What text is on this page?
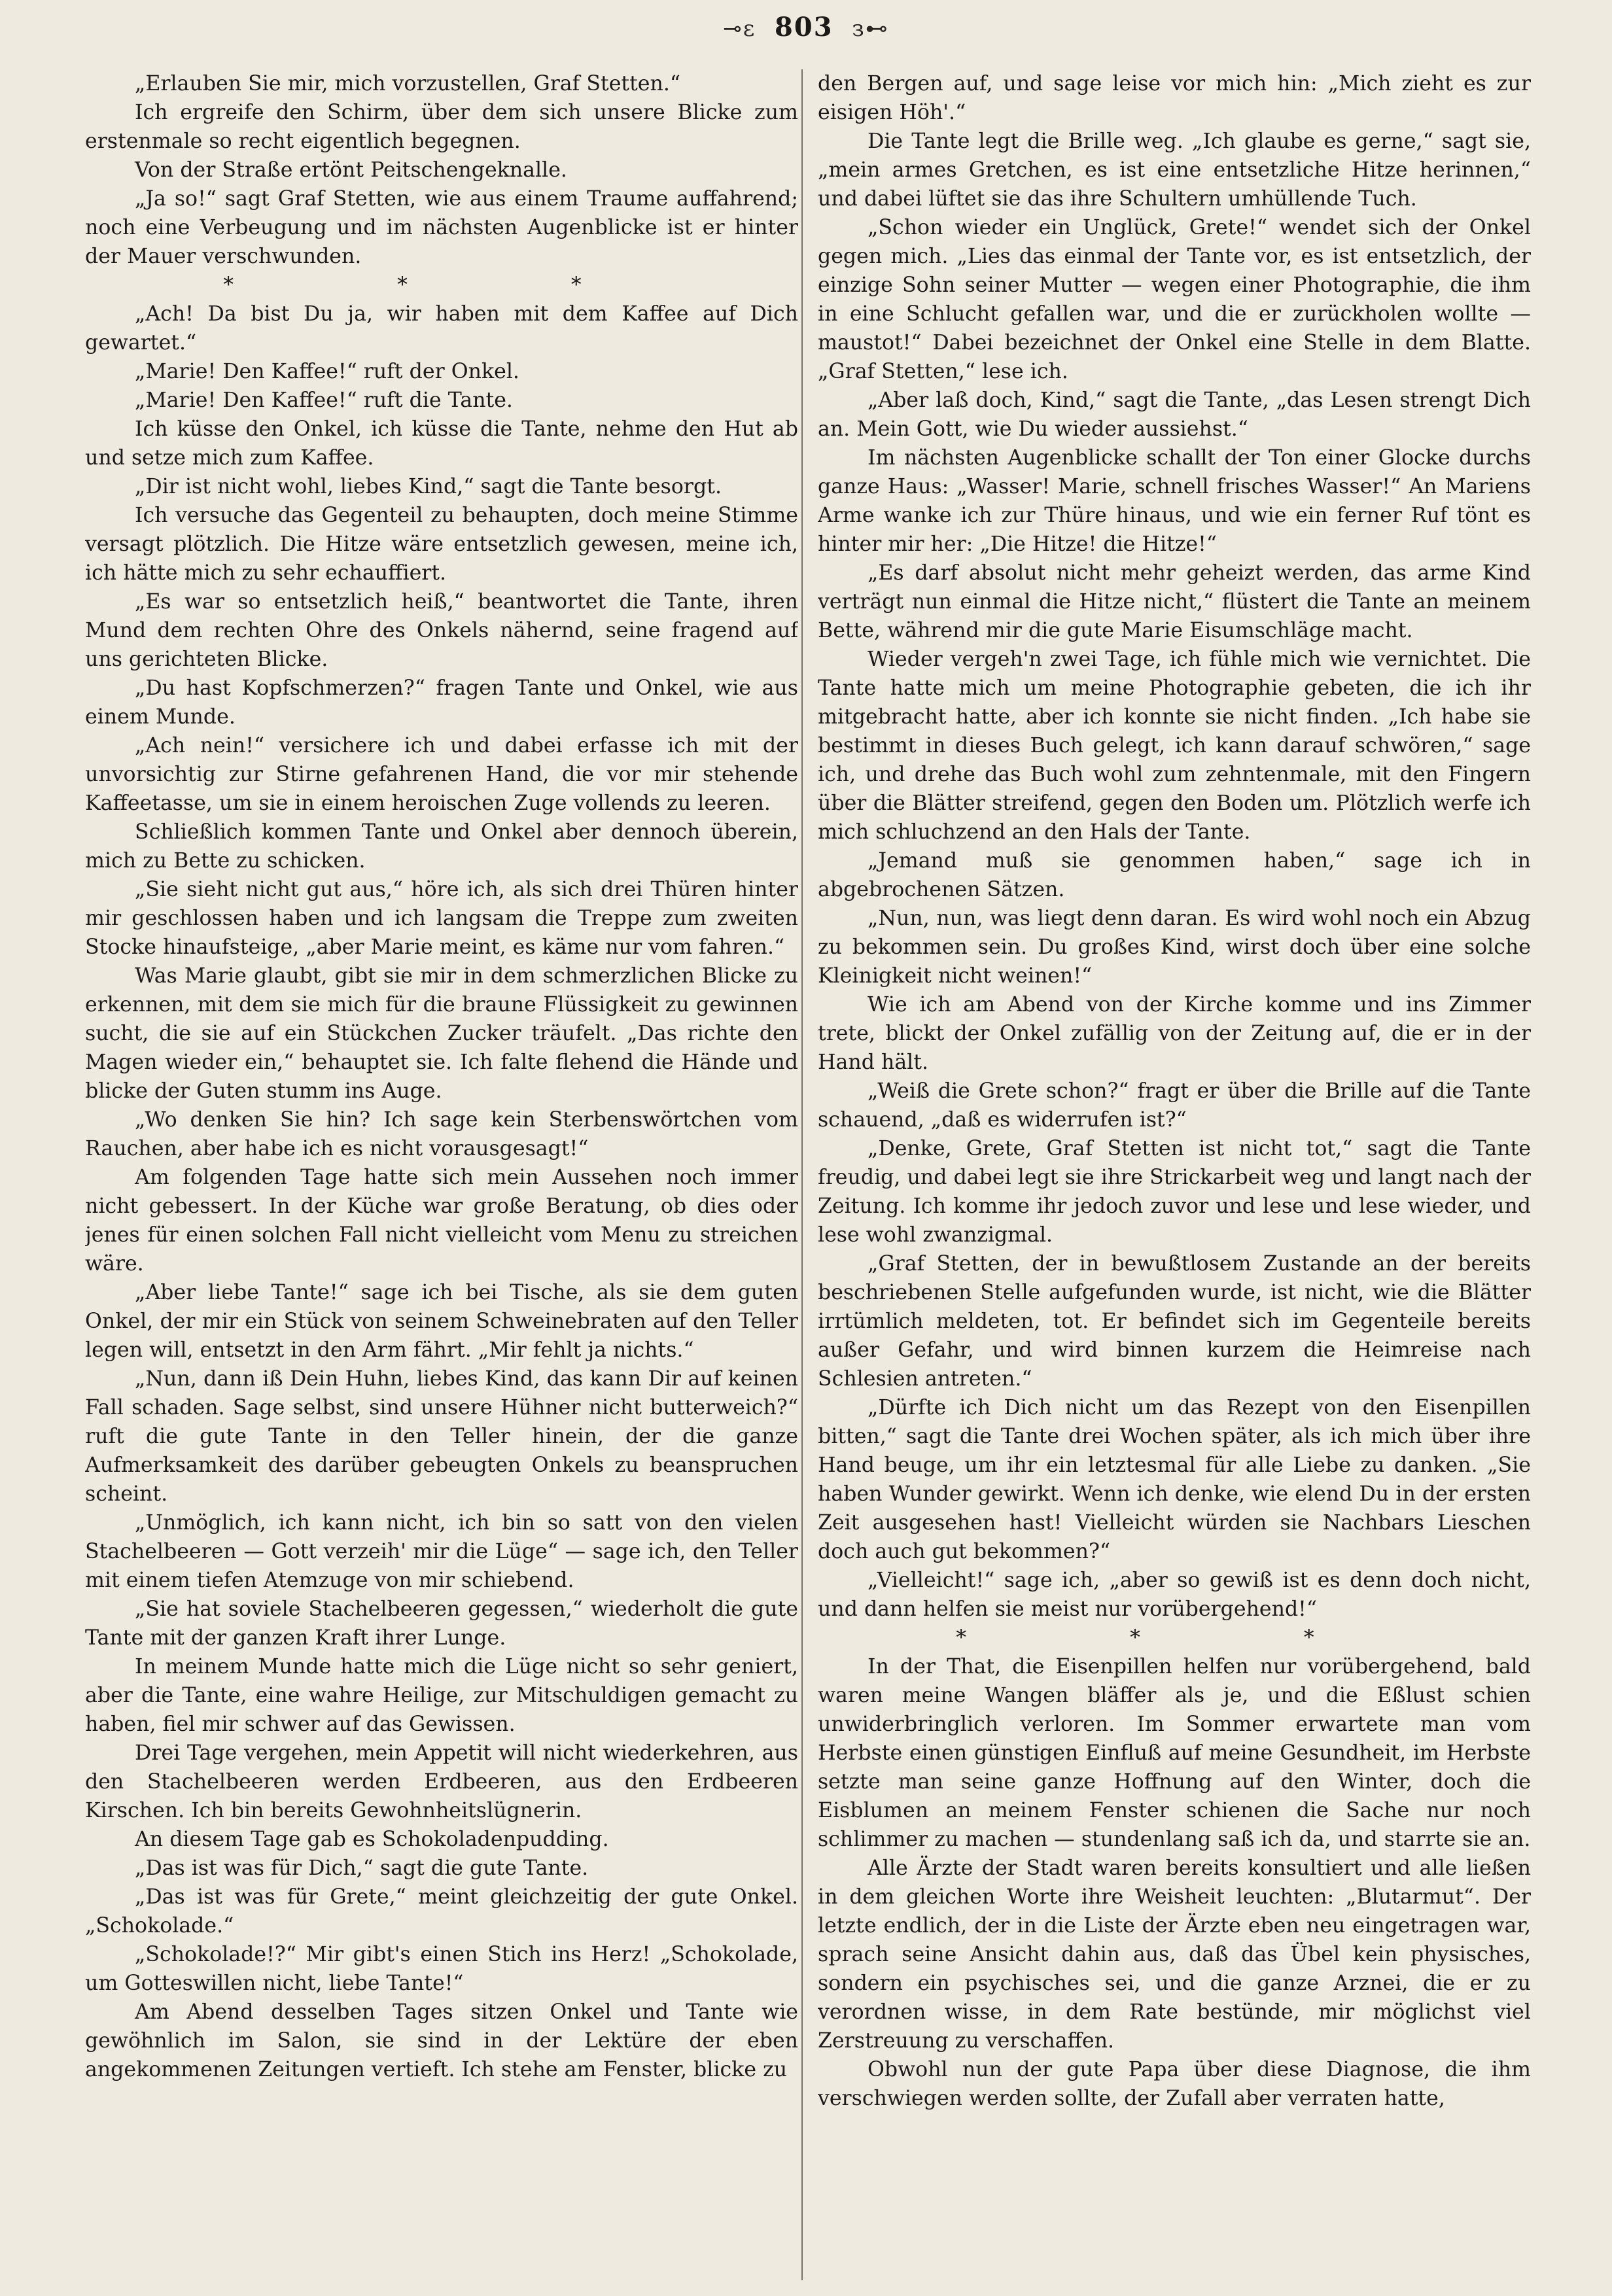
⊸ε 803 з⊷

„Erlauben Sie mir, mich vorzustellen, Graf Stetten.“

Ich ergreife den Schirm, über dem sich unsere Blicke zum erstenmale so recht eigentlich begegnen.

Von der Straße ertönt Peitschengeknalle.

„Ja so!“ sagt Graf Stetten, wie aus einem Traume auffahrend; noch eine Verbeugung und im nächsten Augenblicke ist er hinter der Mauer verschwunden.

* * *

„Ach! Da bist Du ja, wir haben mit dem Kaffee auf Dich gewartet.“

„Marie! Den Kaffee!“ ruft der Onkel.

„Marie! Den Kaffee!“ ruft die Tante.

Ich küsse den Onkel, ich küsse die Tante, nehme den Hut ab und setze mich zum Kaffee.

„Dir ist nicht wohl, liebes Kind,“ sagt die Tante besorgt.

Ich versuche das Gegenteil zu behaupten, doch meine Stimme versagt plötzlich. Die Hitze wäre entsetzlich gewesen, meine ich, ich hätte mich zu sehr echauffiert.

„Es war so entsetzlich heiß,“ beantwortet die Tante, ihren Mund dem rechten Ohre des Onkels nähernd, seine fragend auf uns gerichteten Blicke.

„Du hast Kopfschmerzen?“ fragen Tante und Onkel, wie aus einem Munde.

„Ach nein!“ versichere ich und dabei erfasse ich mit der unvorsichtig zur Stirne gefahrenen Hand, die vor mir stehende Kaffeetasse, um sie in einem heroischen Zuge vollends zu leeren.

Schließlich kommen Tante und Onkel aber dennoch überein, mich zu Bette zu schicken.

„Sie sieht nicht gut aus,“ höre ich, als sich drei Thüren hinter mir geschlossen haben und ich langsam die Treppe zum zweiten Stocke hinaufsteige, „aber Marie meint, es käme nur vom fahren.“

Was Marie glaubt, gibt sie mir in dem schmerzlichen Blicke zu erkennen, mit dem sie mich für die braune Flüssigkeit zu gewinnen sucht, die sie auf ein Stückchen Zucker träufelt. „Das richte den Magen wieder ein,“ behauptet sie. Ich falte flehend die Hände und blicke der Guten stumm ins Auge.

„Wo denken Sie hin? Ich sage kein Sterbenswörtchen vom Rauchen, aber habe ich es nicht vorausgesagt!“

Am folgenden Tage hatte sich mein Aussehen noch immer nicht gebessert. In der Küche war große Beratung, ob dies oder jenes für einen solchen Fall nicht vielleicht vom Menu zu streichen wäre.

„Aber liebe Tante!“ sage ich bei Tische, als sie dem guten Onkel, der mir ein Stück von seinem Schweinebraten auf den Teller legen will, entsetzt in den Arm fährt. „Mir fehlt ja nichts.“

„Nun, dann iß Dein Huhn, liebes Kind, das kann Dir auf keinen Fall schaden. Sage selbst, sind unsere Hühner nicht butterweich?“ ruft die gute Tante in den Teller hinein, der die ganze Aufmerksamkeit des darüber gebeugten Onkels zu beanspruchen scheint.

„Unmöglich, ich kann nicht, ich bin so satt von den vielen Stachelbeeren — Gott verzeih' mir die Lüge“ — sage ich, den Teller mit einem tiefen Atemzuge von mir schiebend.

„Sie hat soviele Stachelbeeren gegessen,“ wiederholt die gute Tante mit der ganzen Kraft ihrer Lunge.

In meinem Munde hatte mich die Lüge nicht so sehr geniert, aber die Tante, eine wahre Heilige, zur Mitschuldigen gemacht zu haben, fiel mir schwer auf das Gewissen.

Drei Tage vergehen, mein Appetit will nicht wiederkehren, aus den Stachelbeeren werden Erdbeeren, aus den Erdbeeren Kirschen. Ich bin bereits Gewohnheitslügnerin.

An diesem Tage gab es Schokoladenpudding.

„Das ist was für Dich,“ sagt die gute Tante.

„Das ist was für Grete,“ meint gleichzeitig der gute Onkel. „Schokolade.“

„Schokolade!?“ Mir gibt's einen Stich ins Herz! „Schokolade, um Gotteswillen nicht, liebe Tante!“

Am Abend desselben Tages sitzen Onkel und Tante wie gewöhnlich im Salon, sie sind in der Lektüre der eben angekommenen Zeitungen vertieft. Ich stehe am Fenster, blicke zu

den Bergen auf, und sage leise vor mich hin: „Mich zieht es zur eisigen Höh'.“

Die Tante legt die Brille weg. „Ich glaube es gerne,“ sagt sie, „mein armes Gretchen, es ist eine entsetzliche Hitze herinnen,“ und dabei lüftet sie das ihre Schultern umhüllende Tuch.

„Schon wieder ein Unglück, Grete!“ wendet sich der Onkel gegen mich. „Lies das einmal der Tante vor, es ist entsetzlich, der einzige Sohn seiner Mutter — wegen einer Photographie, die ihm in eine Schlucht gefallen war, und die er zurückholen wollte — maustot!“ Dabei bezeichnet der Onkel eine Stelle in dem Blatte. „Graf Stetten,“ lese ich.

„Aber laß doch, Kind,“ sagt die Tante, „das Lesen strengt Dich an. Mein Gott, wie Du wieder aussiehst.“

Im nächsten Augenblicke schallt der Ton einer Glocke durchs ganze Haus: „Wasser! Marie, schnell frisches Wasser!“ An Mariens Arme wanke ich zur Thüre hinaus, und wie ein ferner Ruf tönt es hinter mir her: „Die Hitze! die Hitze!“

„Es darf absolut nicht mehr geheizt werden, das arme Kind verträgt nun einmal die Hitze nicht,“ flüstert die Tante an meinem Bette, während mir die gute Marie Eisumschläge macht.

Wieder vergeh'n zwei Tage, ich fühle mich wie vernichtet. Die Tante hatte mich um meine Photographie gebeten, die ich ihr mitgebracht hatte, aber ich konnte sie nicht finden. „Ich habe sie bestimmt in dieses Buch gelegt, ich kann darauf schwören,“ sage ich, und drehe das Buch wohl zum zehntenmale, mit den Fingern über die Blätter streifend, gegen den Boden um. Plötzlich werfe ich mich schluchzend an den Hals der Tante.

„Jemand muß sie genommen haben,“ sage ich in abgebrochenen Sätzen.

„Nun, nun, was liegt denn daran. Es wird wohl noch ein Abzug zu bekommen sein. Du großes Kind, wirst doch über eine solche Kleinigkeit nicht weinen!“

Wie ich am Abend von der Kirche komme und ins Zimmer trete, blickt der Onkel zufällig von der Zeitung auf, die er in der Hand hält.

„Weiß die Grete schon?“ fragt er über die Brille auf die Tante schauend, „daß es widerrufen ist?“

„Denke, Grete, Graf Stetten ist nicht tot,“ sagt die Tante freudig, und dabei legt sie ihre Strickarbeit weg und langt nach der Zeitung. Ich komme ihr jedoch zuvor und lese und lese wieder, und lese wohl zwanzigmal.

„Graf Stetten, der in bewußtlosem Zustande an der bereits beschriebenen Stelle aufgefunden wurde, ist nicht, wie die Blätter irrtümlich meldeten, tot. Er befindet sich im Gegenteile bereits außer Gefahr, und wird binnen kurzem die Heimreise nach Schlesien antreten.“

„Dürfte ich Dich nicht um das Rezept von den Eisenpillen bitten,“ sagt die Tante drei Wochen später, als ich mich über ihre Hand beuge, um ihr ein letztesmal für alle Liebe zu danken. „Sie haben Wunder gewirkt. Wenn ich denke, wie elend Du in der ersten Zeit ausgesehen hast! Vielleicht würden sie Nachbars Lieschen doch auch gut bekommen?“

„Vielleicht!“ sage ich, „aber so gewiß ist es denn doch nicht, und dann helfen sie meist nur vorübergehend!“

* * *

In der That, die Eisenpillen helfen nur vorübergehend, bald waren meine Wangen bläffer als je, und die Eßlust schien unwiderbringlich verloren. Im Sommer erwartete man vom Herbste einen günstigen Einfluß auf meine Gesundheit, im Herbste setzte man seine ganze Hoffnung auf den Winter, doch die Eisblumen an meinem Fenster schienen die Sache nur noch schlimmer zu machen — stundenlang saß ich da, und starrte sie an.

Alle Ärzte der Stadt waren bereits konsultiert und alle ließen in dem gleichen Worte ihre Weisheit leuchten: „Blutarmut“. Der letzte endlich, der in die Liste der Ärzte eben neu eingetragen war, sprach seine Ansicht dahin aus, daß das Übel kein physisches, sondern ein psychisches sei, und die ganze Arznei, die er zu verordnen wisse, in dem Rate bestünde, mir möglichst viel Zerstreuung zu verschaffen.

Obwohl nun der gute Papa über diese Diagnose, die ihm verschwiegen werden sollte, der Zufall aber verraten hatte,
